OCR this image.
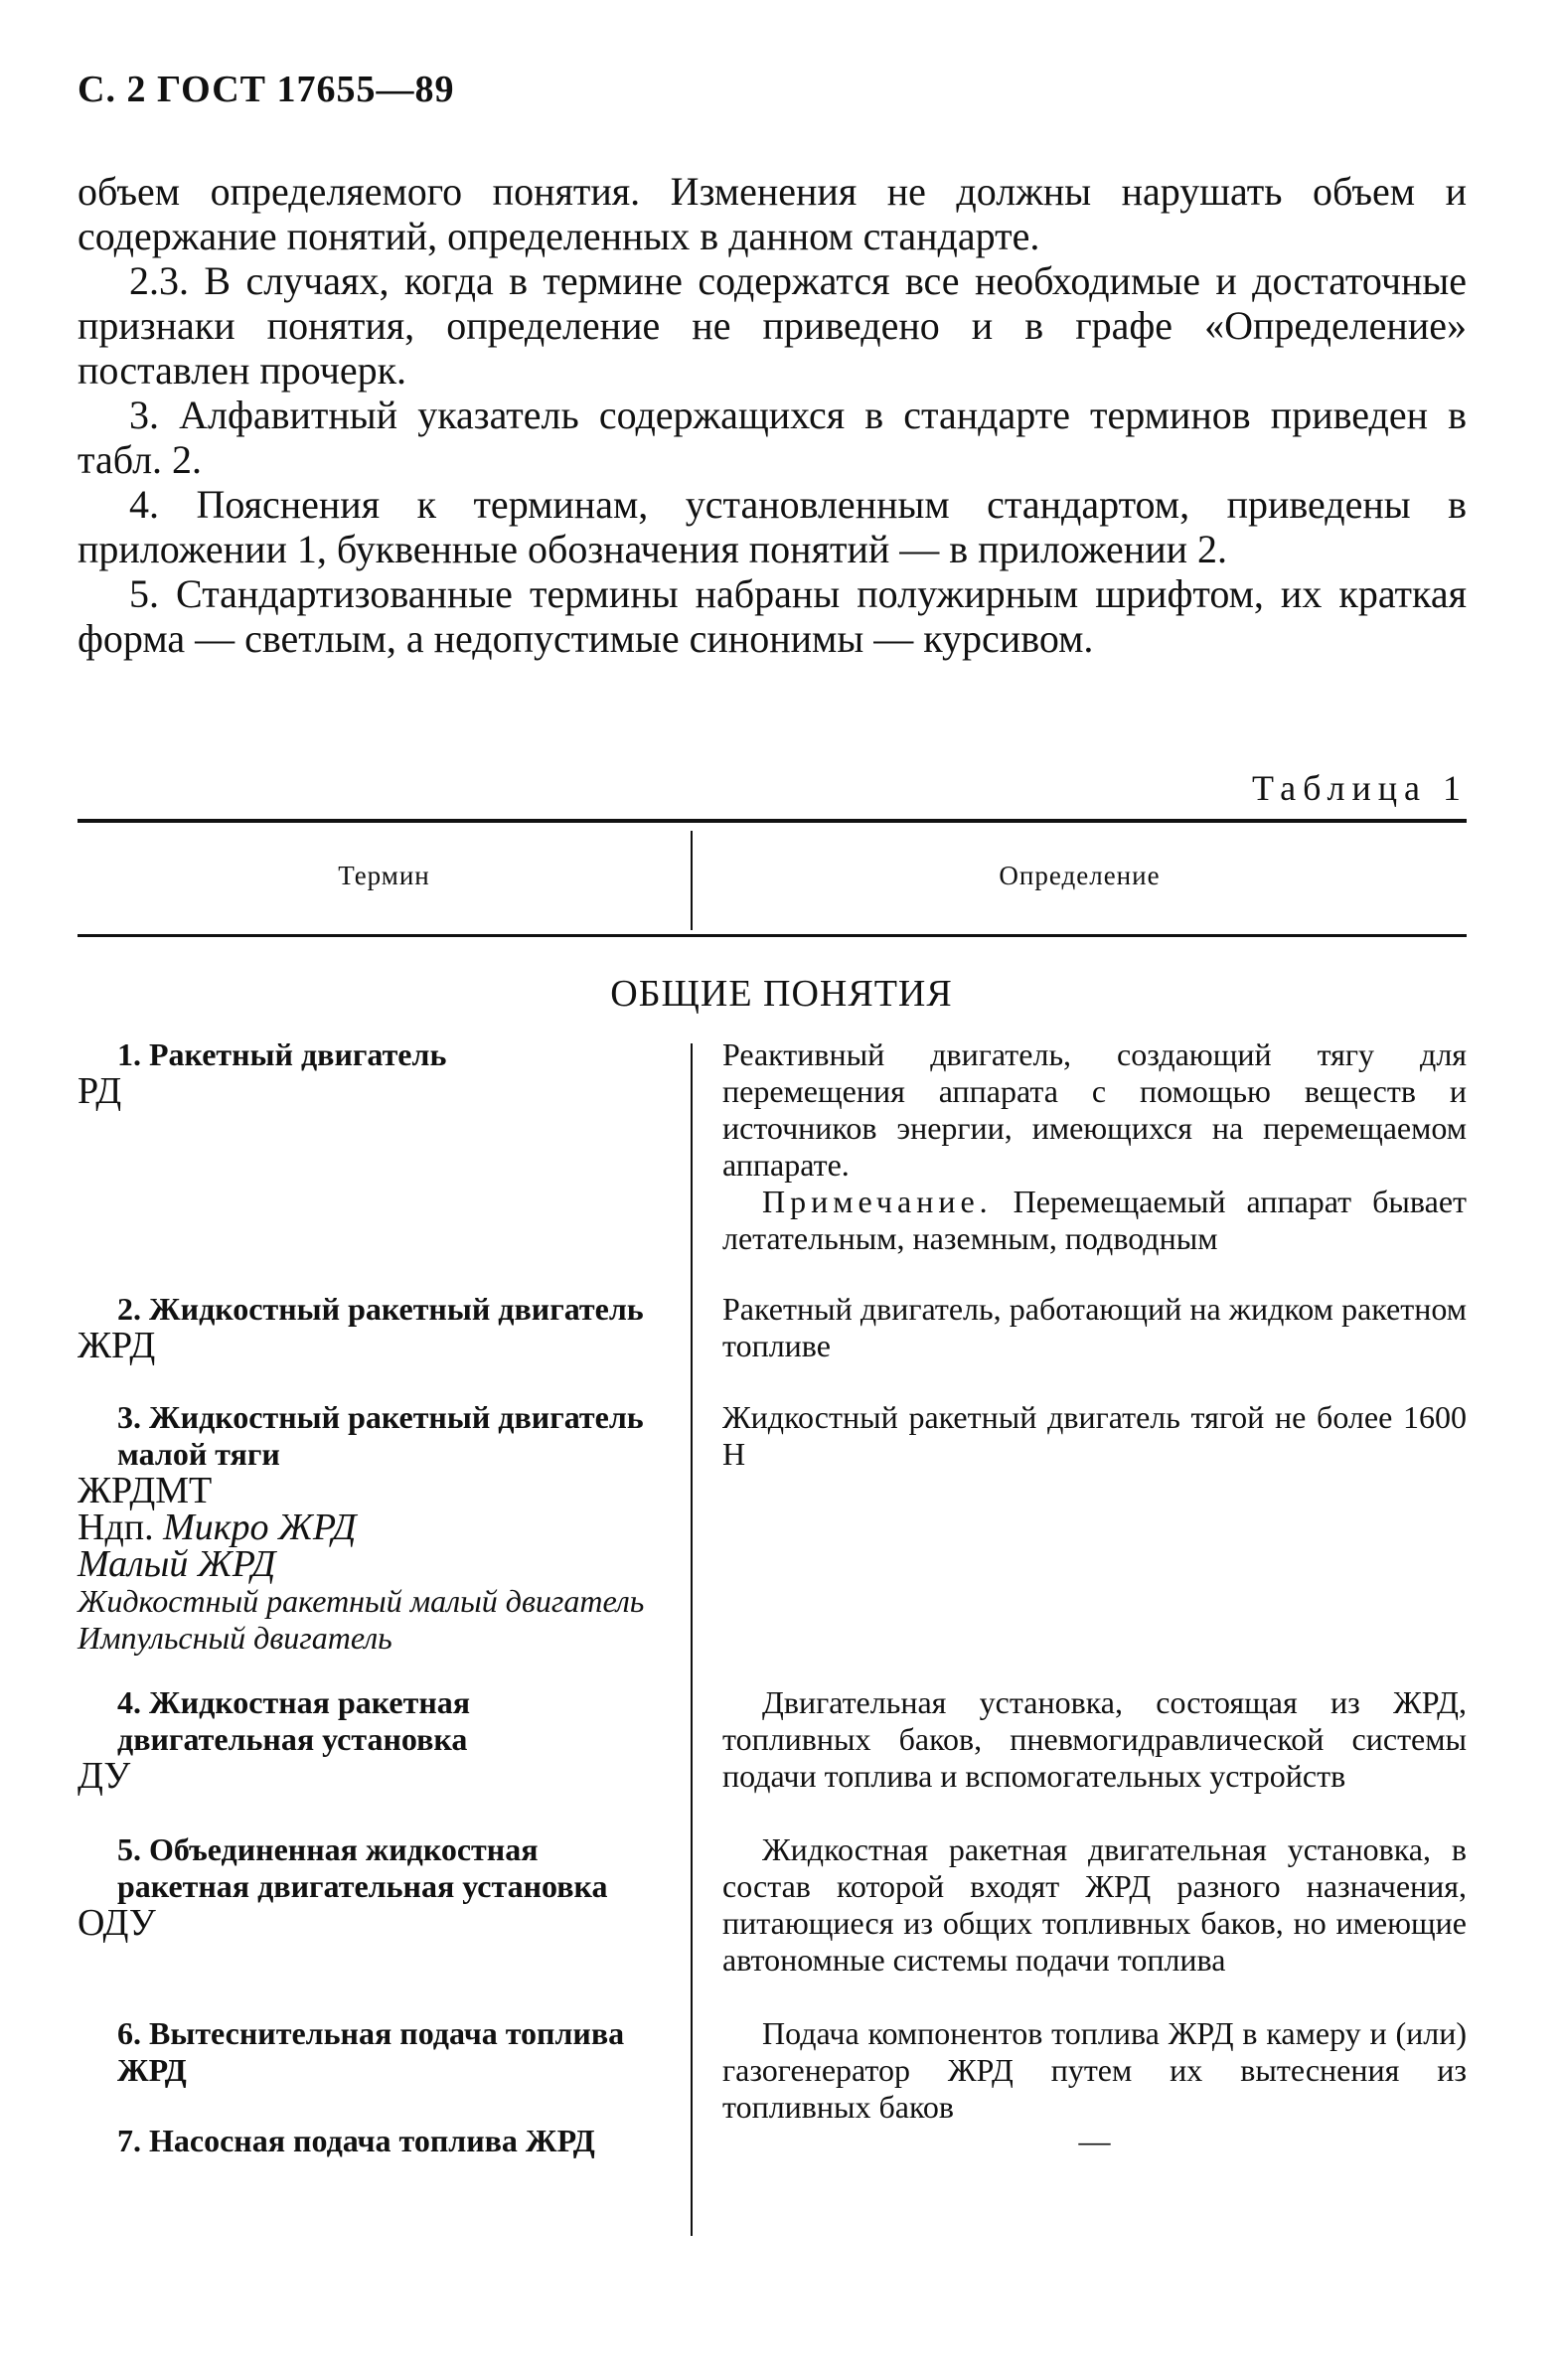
С. 2 ГОСТ 17655—89

объем определяемого понятия. Изменения не должны нарушать объем и содержание понятий, определенных в данном стандарте.

2.3. В случаях, когда в термине содержатся все необходимые и достаточные признаки понятия, определение не приведено и в графе «Определение» поставлен прочерк.

3. Алфавитный указатель содержащихся в стандарте терминов приведен в табл. 2.

4. Пояснения к терминам, установленным стандартом, приведены в приложении 1, буквенные обозначения понятий — в приложении 2.

5. Стандартизованные термины набраны полужирным шрифтом, их краткая форма — светлым, а недопустимые синонимы — курсивом.

Таблица 1
Термин	Определение
ОБЩИЕ ПОНЯТИЯ

1. Ракетный двигатель

РД

Реактивный двигатель, создающий тягу для перемещения аппарата с помощью веществ и источников энергии, имеющихся на перемещаемом аппарате.

Примечание. Перемещаемый аппарат бывает летательным, наземным, подводным

2. Жидкостный ракетный двигатель

ЖРД

Ракетный двигатель, работающий на жидком ракетном топливе

3. Жидкостный ракетный двигатель малой тяги

ЖРДМТ

Ндп. Микро ЖРД

Малый ЖРД

Жидкостный ракетный малый двигатель

Импульсный двигатель

Жидкостный ракетный двигатель тягой не более 1600 Н

4. Жидкостная ракетная двигательная установка

ДУ

Двигательная установка, состоящая из ЖРД, топливных баков, пневмогидравлической системы подачи топлива и вспомогательных устройств

5. Объединенная жидкостная ракетная двигательная установка

ОДУ

Жидкостная ракетная двигательная установка, в состав которой входят ЖРД разного назначения, питающиеся из общих топливных баков, но имеющие автономные системы подачи топлива

6. Вытеснительная подача топлива ЖРД

Подача компонентов топлива ЖРД в камеру и (или) газогенератор ЖРД путем их вытеснения из топливных баков

7. Насосная подача топлива ЖРД	—
